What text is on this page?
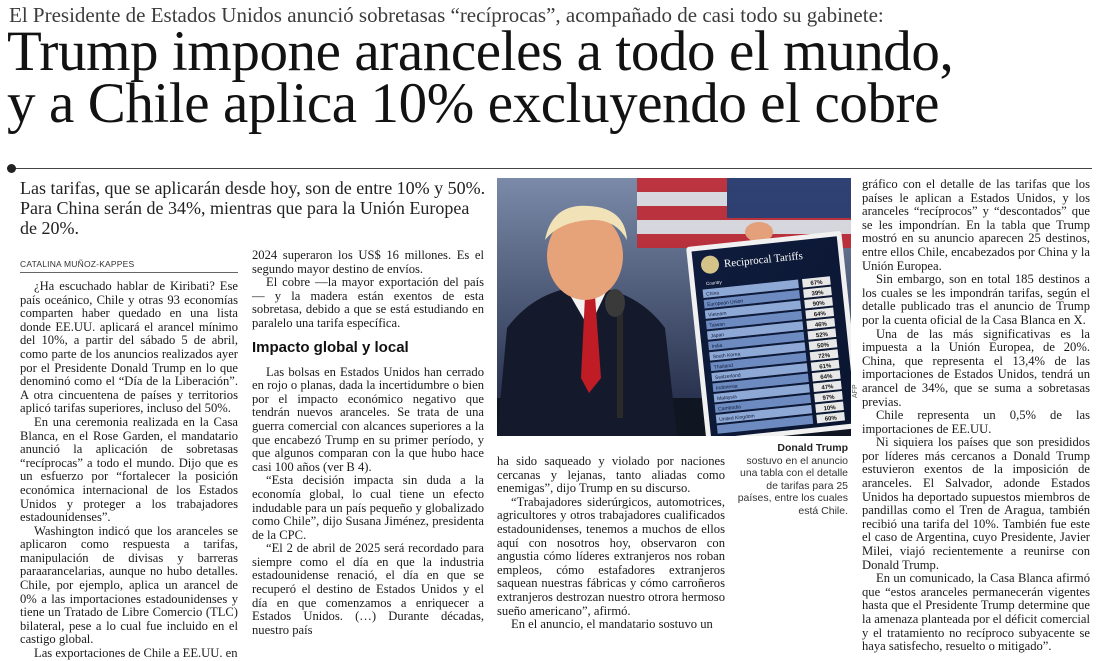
El Presidente de Estados Unidos anunció sobretasas “recíprocas”, acompañado de casi todo su gabinete:
Trump impone aranceles a todo el mundo,
y a Chile aplica 10% excluyendo el cobre
Las tarifas, que se aplicarán desde hoy, son de entre 10% y 50%. Para China serán de 34%, mientras que para la Unión Europea de 20%.
CATALINA MUÑOZ-KAPPES

¿Ha escuchado hablar de Kiribati? Ese país oceánico, Chile y otras 93 economías comparten haber quedado en una lista donde EE.UU. aplicará el arancel mínimo del 10%, a partir del sábado 5 de abril, como parte de los anuncios realizados ayer por el Presidente Donald Trump en lo que denominó como el “Día de la Liberación”. A otra cincuentena de países y territorios aplicó tarifas superiores, incluso del 50%.

En una ceremonia realizada en la Casa Blanca, en el Rose Garden, el mandatario anunció la aplicación de sobretasas “recíprocas” a todo el mundo. Dijo que es un esfuerzo por “fortalecer la posición económica internacional de los Estados Unidos y proteger a los trabajadores estadounidenses”.

Washington indicó que los aranceles se aplicaron como respuesta a tarifas, manipulación de divisas y barreras paraarancelarias, aunque no hubo detalles. Chile, por ejemplo, aplica un arancel de 0% a las importaciones estadounidenses y tiene un Tratado de Libre Comercio (TLC) bilateral, pese a lo cual fue incluido en el castigo global.

Las exportaciones de Chile a EE.UU. en

2024 superaron los US$ 16 millones. Es el segundo mayor destino de envíos.

El cobre —la mayor exportación del país— y la madera están exentos de esta sobretasa, debido a que se está estudiando en paralelo una tarifa específica.

Impacto global y local

Las bolsas en Estados Unidos han cerrado en rojo o planas, dada la incertidumbre o bien por el impacto económico negativo que tendrán nuevos aranceles. Se trata de una guerra comercial con alcances superiores a la que encabezó Trump en su primer período, y que algunos comparan con la que hubo hace casi 100 años (ver B 4).

“Esta decisión impacta sin duda a la economía global, lo cual tiene un efecto indudable para un país pequeño y globalizado como Chile”, dijo Susana Jiménez, presidenta de la CPC.

“El 2 de abril de 2025 será recordado para siempre como el día en que la industria estadounidense renació, el día en que se recuperó el destino de Estados Unidos y el día en que comenzamos a enriquecer a Estados Unidos. (…) Durante décadas, nuestro país

Reciprocal Tariffs
Country
China
67%
European Union
39%
Vietnam
90%
Taiwan
64%
Japan
46%
India
52%
South Korea
50%
Thailand
72%
Switzerland
61%
Indonesia
64%
Malaysia
47%
Cambodia
97%
United Kingdom
10%
60%
AFP
Donald Trump
sostuvo en el anuncio una tabla con el detalle de tarifas para 25 países, entre los cuales está Chile.

ha sido saqueado y violado por naciones cercanas y lejanas, tanto aliadas como enemigas”, dijo Trump en su discurso.

“Trabajadores siderúrgicos, automotrices, agricultores y otros trabajadores cualificados estadounidenses, tenemos a muchos de ellos aquí con nosotros hoy, observaron con angustia cómo líderes extranjeros nos roban empleos, cómo estafadores extranjeros saquean nuestras fábricas y cómo carroñeros extranjeros destrozan nuestro otrora hermoso sueño americano”, afirmó.

En el anuncio, el mandatario sostuvo un

gráfico con el detalle de las tarifas que los países le aplican a Estados Unidos, y los aranceles “recíprocos” y “descontados” que se les impondrían. En la tabla que Trump mostró en su anuncio aparecen 25 destinos, entre ellos Chile, encabezados por China y la Unión Europea.

Sin embargo, son en total 185 destinos a los cuales se les impondrán tarifas, según el detalle publicado tras el anuncio de Trump por la cuenta oficial de la Casa Blanca en X.

Una de las más significativas es la impuesta a la Unión Europea, de 20%. China, que representa el 13,4% de las importaciones de Estados Unidos, tendrá un arancel de 34%, que se suma a sobretasas previas.

Chile representa un 0,5% de las importaciones de EE.UU.

Ni siquiera los países que son presididos por líderes más cercanos a Donald Trump estuvieron exentos de la imposición de aranceles. El Salvador, adonde Estados Unidos ha deportado supuestos miembros de pandillas como el Tren de Aragua, también recibió una tarifa del 10%. También fue este el caso de Argentina, cuyo Presidente, Javier Milei, viajó recientemente a reunirse con Donald Trump.

En un comunicado, la Casa Blanca afirmó que “estos aranceles permanecerán vigentes hasta que el Presidente Trump determine que la amenaza planteada por el déficit comercial y el tratamiento no recíproco subyacente se haya satisfecho, resuelto o mitigado”.
